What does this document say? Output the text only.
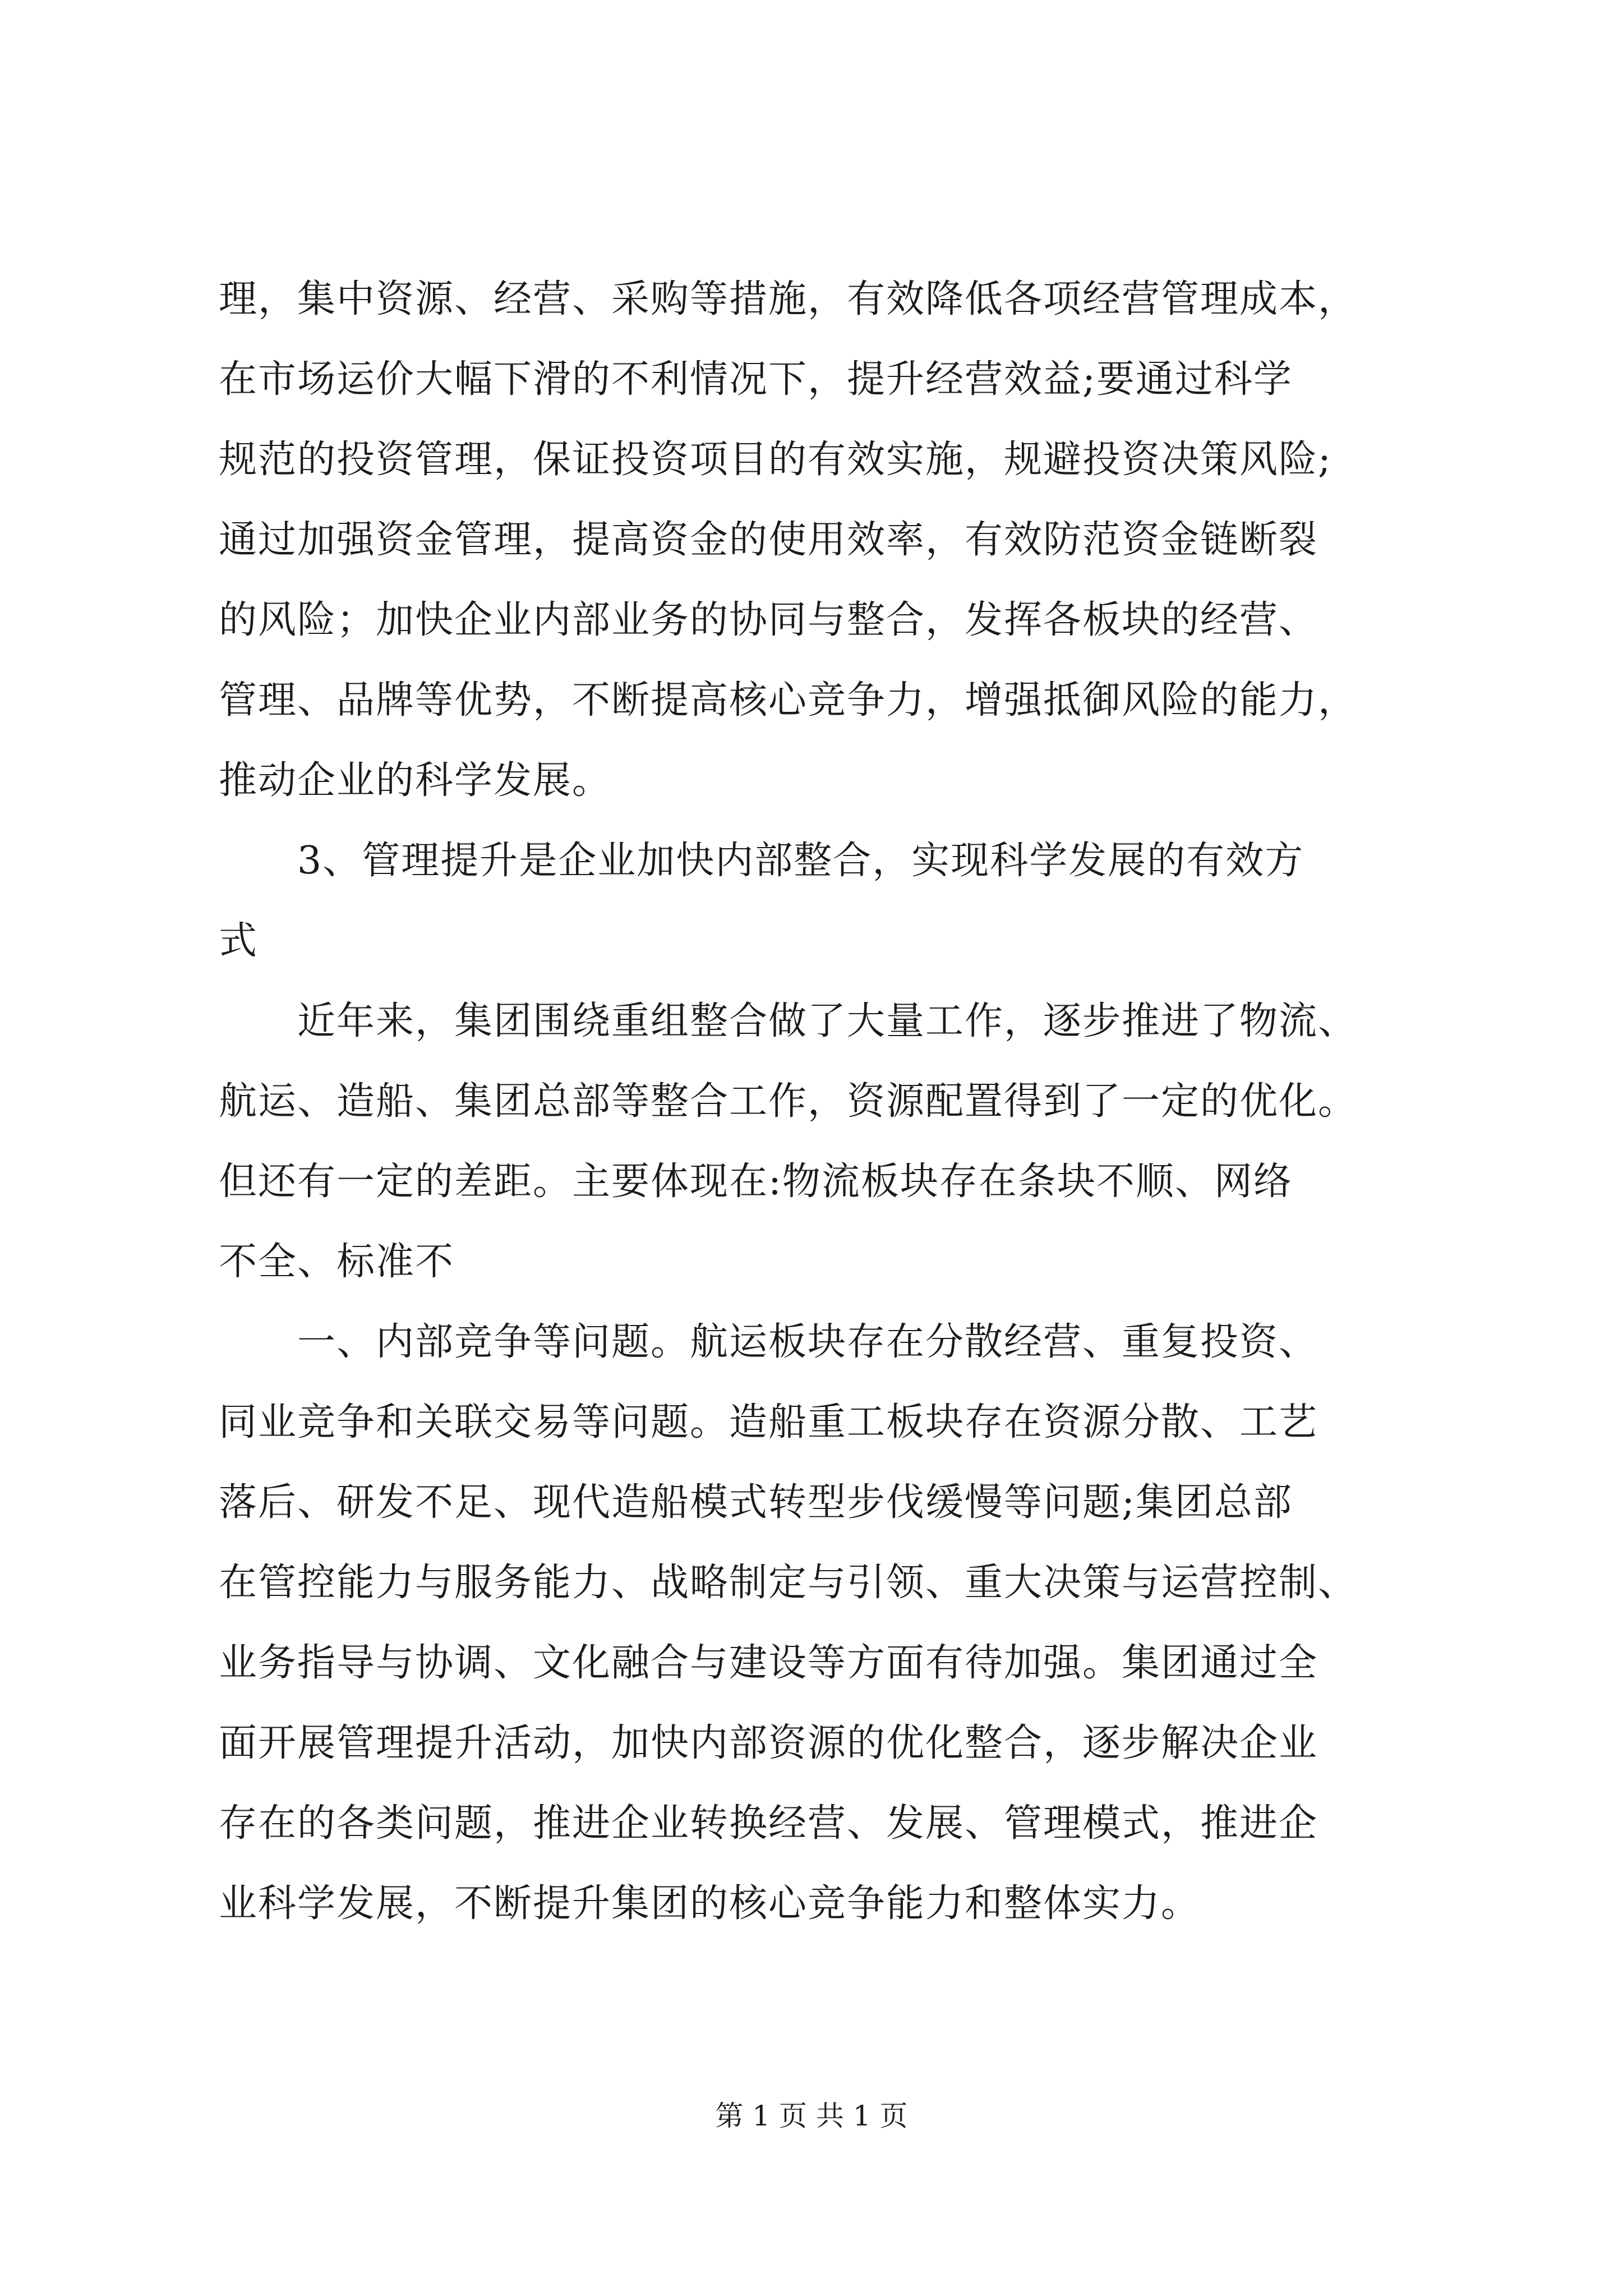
理，集中资源、经营、采购等措施，有效降低各项经营管理成本，
在市场运价大幅下滑的不利情况下，提升经营效益;要通过科学
规范的投资管理，保证投资项目的有效实施，规避投资决策风险;
通过加强资金管理，提高资金的使用效率，有效防范资金链断裂
的风险；加快企业内部业务的协同与整合，发挥各板块的经营、
管理、品牌等优势，不断提高核心竞争力，增强抵御风险的能力，
推动企业的科学发展。
3、管理提升是企业加快内部整合，实现科学发展的有效方
式
近年来，集团围绕重组整合做了大量工作，逐步推进了物流、
航运、造船、集团总部等整合工作，资源配置得到了一定的优化。
但还有一定的差距。主要体现在:物流板块存在条块不顺、网络
不全、标准不
一、内部竞争等问题。航运板块存在分散经营、重复投资、
同业竞争和关联交易等问题。造船重工板块存在资源分散、工艺
落后、研发不足、现代造船模式转型步伐缓慢等问题;集团总部
在管控能力与服务能力、战略制定与引领、重大决策与运营控制、
业务指导与协调、文化融合与建设等方面有待加强。集团通过全
面开展管理提升活动，加快内部资源的优化整合，逐步解决企业
存在的各类问题，推进企业转换经营、发展、管理模式，推进企
业科学发展，不断提升集团的核心竞争能力和整体实力。
第 1 页 共 1 页
